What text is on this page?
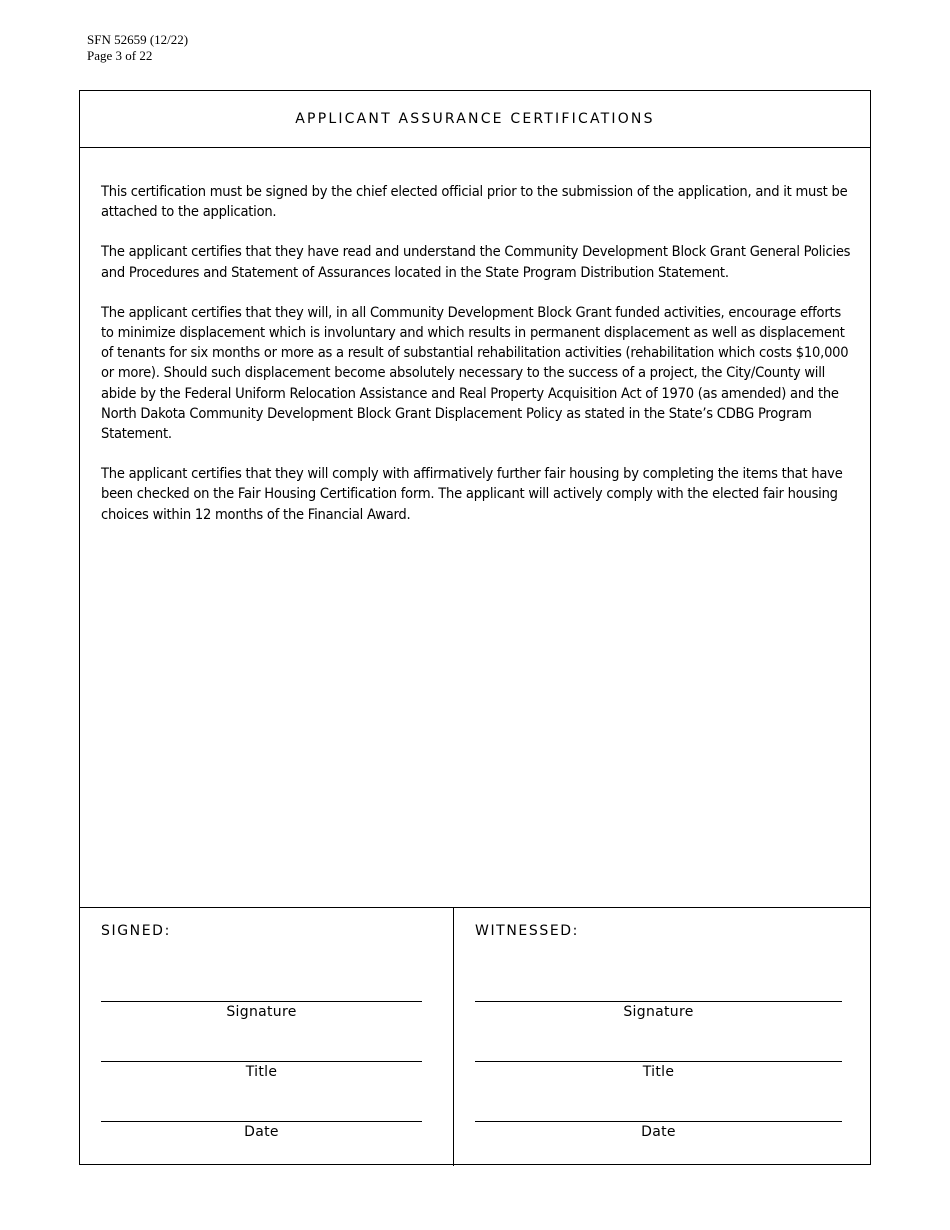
SFN 52659 (12/22)
Page 3 of 22
APPLICANT ASSURANCE CERTIFICATIONS

This certification must be signed by the chief elected official prior to the submission of the application, and it must be attached to the application.

The applicant certifies that they have read and understand the Community Development Block Grant General Policies and Procedures and Statement of Assurances located in the State Program Distribution Statement.

The applicant certifies that they will, in all Community Development Block Grant funded activities, encourage efforts to minimize displacement which is involuntary and which results in permanent displacement as well as displacement of tenants for six months or more as a result of substantial rehabilitation activities (rehabilitation which costs $10,000 or more). Should such displacement become absolutely necessary to the success of a project, the City/County will abide by the Federal Uniform Relocation Assistance and Real Property Acquisition Act of 1970 (as amended) and the North Dakota Community Development Block Grant Displacement Policy as stated in the State’s CDBG Program Statement.

The applicant certifies that they will comply with affirmatively further fair housing by completing the items that have been checked on the Fair Housing Certification form. The applicant will actively comply with the elected fair housing choices within 12 months of the Financial Award.

SIGNED:
Signature
Title
Date
WITNESSED:
Signature
Title
Date
